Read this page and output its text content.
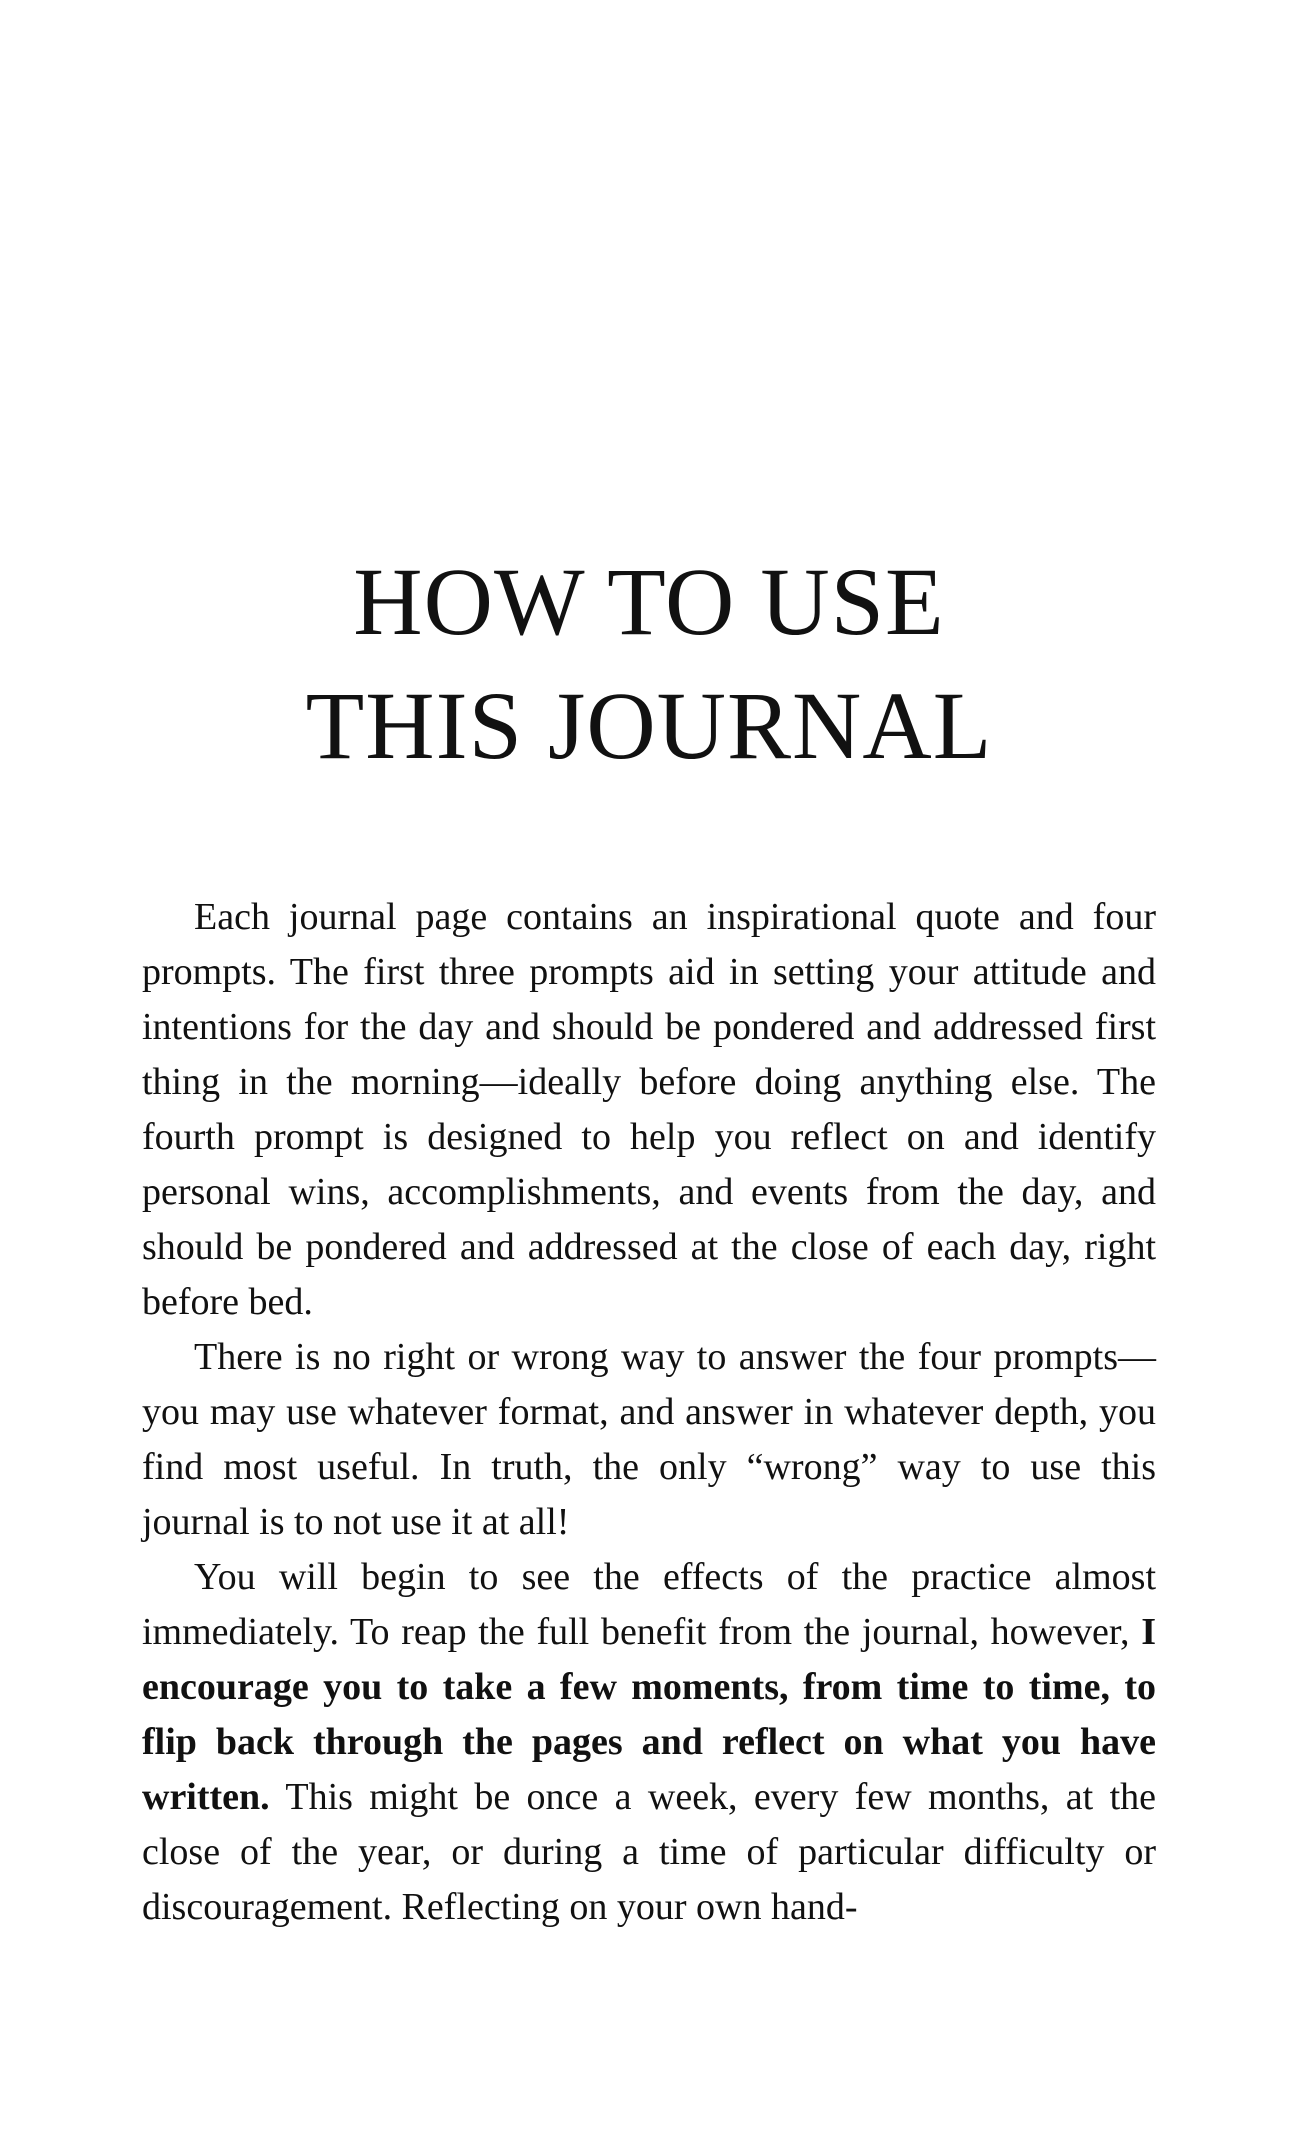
HOW TO USE
THIS JOURNAL

Each journal page contains an inspirational quote and four prompts. The first three prompts aid in setting your attitude and intentions for the day and should be pondered and addressed first thing in the morning—ideally before doing anything else. The fourth prompt is designed to help you reflect on and identify personal wins, accomplishments, and events from the day, and should be pondered and addressed at the close of each day, right before bed.

There is no right or wrong way to answer the four prompts—you may use whatever format, and answer in whatever depth, you find most useful. In truth, the only “wrong” way to use this journal is to not use it at all!

You will begin to see the effects of the practice almost immediately. To reap the full benefit from the journal, however, I encourage you to take a few moments, from time to time, to flip back through the pages and reflect on what you have written. This might be once a week, every few months, at the close of the year, or during a time of particular difficulty or discouragement. Reflecting on your own hand-
